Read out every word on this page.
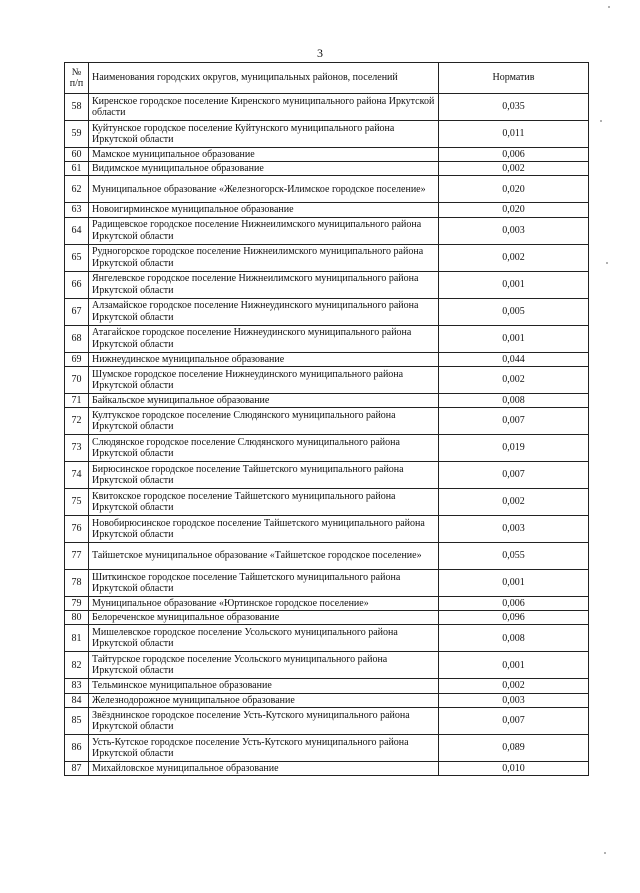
3
№
п/п	Наименования городских округов, муниципальных районов, поселений	Норматив
58	Киренское городское поселение Киренского муниципального района Иркутской области	0,035
59	Куйтунское городское поселение Куйтунского муниципального района Иркутской области	0,011
60	Мамское муниципальное образование	0,006
61	Видимское муниципальное образование	0,002
62	Муниципальное образование «Железногорск-Илимское городское поселение»	0,020
63	Новоигирминское муниципальное образование	0,020
64	Радищевское городское поселение Нижнеилимского муниципального района Иркутской области	0,003
65	Рудногорское городское поселение Нижнеилимского муниципального района Иркутской области	0,002
66	Янгелевское городское поселение Нижнеилимского муниципального района Иркутской области	0,001
67	Алзамайское городское поселение Нижнеудинского муниципального района Иркутской области	0,005
68	Атагайское городское поселение Нижнеудинского муниципального района Иркутской области	0,001
69	Нижнеудинское муниципальное образование	0,044
70	Шумское городское поселение Нижнеудинского муниципального района Иркутской области	0,002
71	Байкальское муниципальное образование	0,008
72	Култукское городское поселение Слюдянского муниципального района Иркутской области	0,007
73	Слюдянское городское поселение Слюдянского муниципального района Иркутской области	0,019
74	Бирюсинское городское поселение Тайшетского муниципального района Иркутской области	0,007
75	Квитокское городское поселение Тайшетского муниципального района Иркутской области	0,002
76	Новобирюсинское городское поселение Тайшетского муниципального района Иркутской области	0,003
77	Тайшетское муниципальное образование «Тайшетское городское поселение»	0,055
78	Шиткинское городское поселение Тайшетского муниципального района Иркутской области	0,001
79	Муниципальное образование «Юртинское городское поселение»	0,006
80	Белореченское муниципальное образование	0,096
81	Мишелевское городское поселение Усольского муниципального района Иркутской области	0,008
82	Тайтурское городское поселение Усольского муниципального района Иркутской области	0,001
83	Тельминское муниципальное образование	0,002
84	Железнодорожное муниципальное образование	0,003
85	Звёзднинское городское поселение Усть-Кутского муниципального района Иркутской области	0,007
86	Усть-Кутское городское поселение Усть-Кутского муниципального района Иркутской области	0,089
87	Михайловское муниципальное образование	0,010
